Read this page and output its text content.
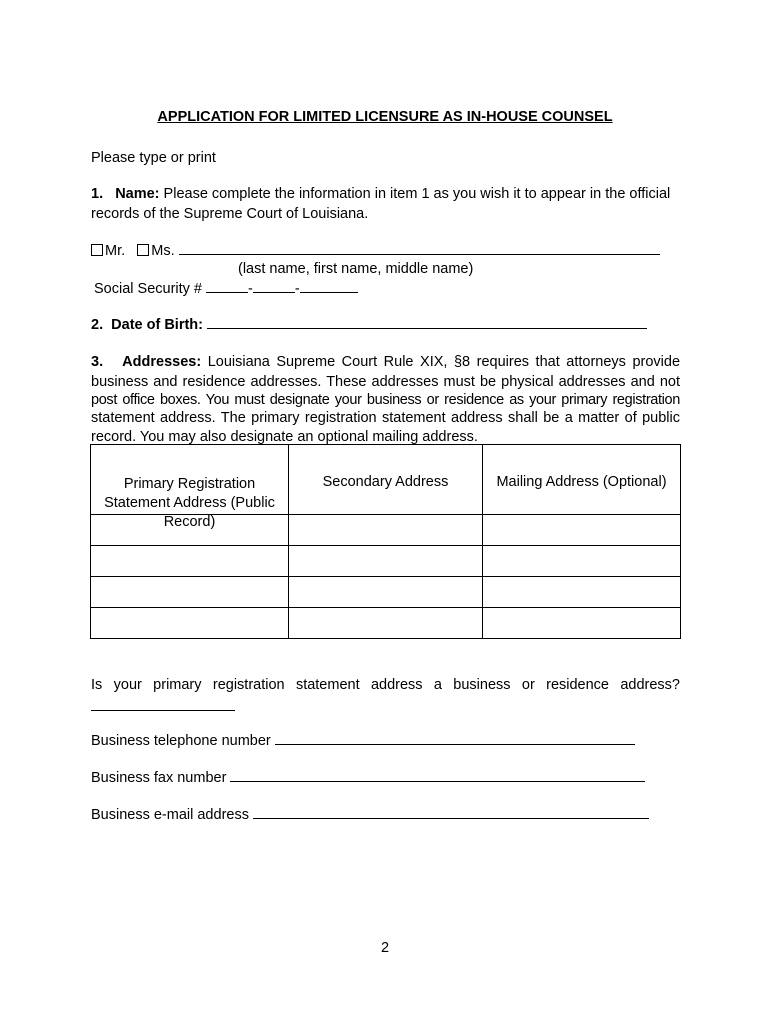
APPLICATION FOR LIMITED LICENSURE AS IN-HOUSE COUNSEL
Please type or print
1. Name: Please complete the information in item 1 as you wish it to appear in the official
records of the Supreme Court of Louisiana.
Mr. Ms.
(last name, first name, middle name)
Social Security #	-	-
2. Date of Birth:
3. Addresses: Louisiana Supreme Court Rule XIX, §8 requires that attorneys provide
business and residence addresses. These addresses must be physical addresses and not
post office boxes. You must designate your business or residence as your primary registration
statement address. The primary registration statement address shall be a matter of public
record. You may also designate an optional mailing address.
Primary Registration Statement Address (Public Record)	Secondary Address	Mailing Address (Optional)

Is your primary registration statement address a business or residence address?
Business telephone number
Business fax number
Business e-mail address
2
